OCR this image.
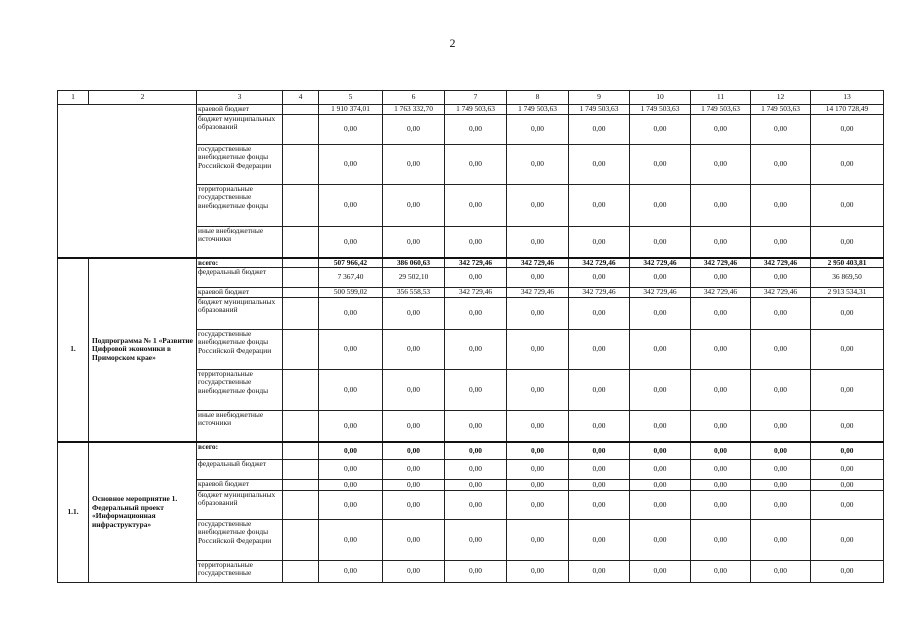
2
1	2	3	4	5	6	7	8	9	10	11	12	13
		краевой бюджет		1 910 374,01	1 763 332,70	1 749 503,63	1 749 503,63	1 749 503,63	1 749 503,63	1 749 503,63	1 749 503,63	14 170 728,49
		бюджет муниципальных образований		0,00	0,00	0,00	0,00	0,00	0,00	0,00	0,00	0,00
		государственные внебюджетные фонды Российской Федерации		0,00	0,00	0,00	0,00	0,00	0,00	0,00	0,00	0,00
		территориальные государственные внебюджетные фонды		0,00	0,00	0,00	0,00	0,00	0,00	0,00	0,00	0,00
		иные внебюджетные источники		0,00	0,00	0,00	0,00	0,00	0,00	0,00	0,00	0,00
1.	Подпрограмма № 1 «Развитие Цифровой экономики в Приморском крае»	всего:		507 966,42	386 060,63	342 729,46	342 729,46	342 729,46	342 729,46	342 729,46	342 729,46	2 950 403,81
		федеральный бюджет		7 367,40	29 502,10	0,00	0,00	0,00	0,00	0,00	0,00	36 869,50
		краевой бюджет		500 599,02	356 558,53	342 729,46	342 729,46	342 729,46	342 729,46	342 729,46	342 729,46	2 913 534,31
		бюджет муниципальных образований		0,00	0,00	0,00	0,00	0,00	0,00	0,00	0,00	0,00
		государственные внебюджетные фонды Российской Федерации		0,00	0,00	0,00	0,00	0,00	0,00	0,00	0,00	0,00
		территориальные государственные внебюджетные фонды		0,00	0,00	0,00	0,00	0,00	0,00	0,00	0,00	0,00
		иные внебюджетные источники		0,00	0,00	0,00	0,00	0,00	0,00	0,00	0,00	0,00
1.1.	Основное мероприятие 1. Федеральный проект «Информационная инфраструктура»	всего:		0,00	0,00	0,00	0,00	0,00	0,00	0,00	0,00	0,00
		федеральный бюджет		0,00	0,00	0,00	0,00	0,00	0,00	0,00	0,00	0,00
		краевой бюджет		0,00	0,00	0,00	0,00	0,00	0,00	0,00	0,00	0,00
		бюджет муниципальных образований		0,00	0,00	0,00	0,00	0,00	0,00	0,00	0,00	0,00
		государственные внебюджетные фонды Российской Федерации		0,00	0,00	0,00	0,00	0,00	0,00	0,00	0,00	0,00
		территориальные государственные		0,00	0,00	0,00	0,00	0,00	0,00	0,00	0,00	0,00
